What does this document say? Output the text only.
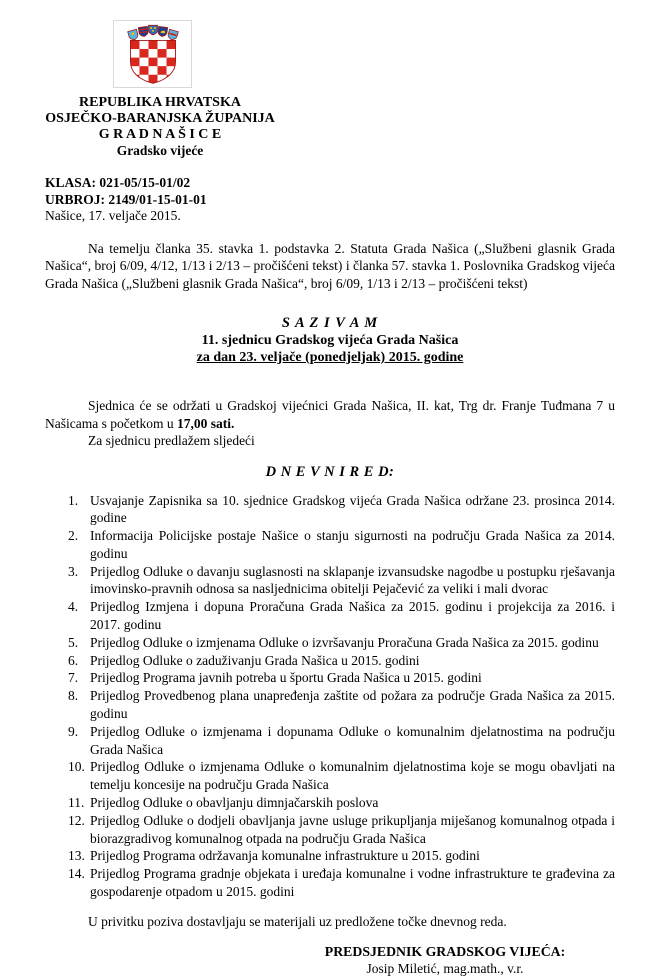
REPUBLIKA HRVATSKA
OSJEČKO-BARANJSKA ŽUPANIJA
G R A D N A Š I C E
Gradsko vijeće
KLASA: 021-05/15-01/02
URBROJ: 2149/01-15-01-01
Našice, 17. veljače 2015.

Na temelju članka 35. stavka 1. podstavka 2. Statuta Grada Našica („Službeni glasnik Grada Našica“, broj 6/09, 4/12, 1/13 i 2/13 – pročišćeni tekst) i članka 57. stavka 1. Poslovnika Gradskog vijeća Grada Našica („Službeni glasnik Grada Našica“, broj 6/09, 1/13 i 2/13 – pročišćeni tekst)

S A Z I V A M
11. sjednicu Gradskog vijeća Grada Našica
za dan 23. veljače (ponedjeljak) 2015. godine

Sjednica će se održati u Gradskoj vijećnici Grada Našica, II. kat, Trg dr. Franje Tuđmana 7 u Našicama s početkom u 17,00 sati.

Za sjednicu predlažem sljedeći

D N E V N I R E D:
1. Usvajanje Zapisnika sa 10. sjednice Gradskog vijeća Grada Našica održane 23. prosinca 2014. godine
2. Informacija Policijske postaje Našice o stanju sigurnosti na području Grada Našica za 2014. godinu
3. Prijedlog Odluke o davanju suglasnosti na sklapanje izvansudske nagodbe u postupku rješavanja imovinsko-pravnih odnosa sa nasljednicima obitelji Pejačević za veliki i mali dvorac
4. Prijedlog Izmjena i dopuna Proračuna Grada Našica za 2015. godinu i projekcija za 2016. i 2017. godinu
5. Prijedlog Odluke o izmjenama Odluke o izvršavanju Proračuna Grada Našica za 2015. godinu
6. Prijedlog Odluke o zaduživanju Grada Našica u 2015. godini
7. Prijedlog Programa javnih potreba u športu Grada Našica u 2015. godini
8. Prijedlog Provedbenog plana unapređenja zaštite od požara za područje Grada Našica za 2015. godinu
9. Prijedlog Odluke o izmjenama i dopunama Odluke o komunalnim djelatnostima na području Grada Našica
10. Prijedlog Odluke o izmjenama Odluke o komunalnim djelatnostima koje se mogu obavljati na temelju koncesije na području Grada Našica
11. Prijedlog Odluke o obavljanju dimnjačarskih poslova
12. Prijedlog Odluke o dodjeli obavljanja javne usluge prikupljanja miješanog komunalnog otpada i biorazgradivog komunalnog otpada na području Grada Našica
13. Prijedlog Programa održavanja komunalne infrastrukture u 2015. godini
14. Prijedlog Programa gradnje objekata i uređaja komunalne i vodne infrastrukture te građevina za gospodarenje otpadom u 2015. godini

U privitku poziva dostavljaju se materijali uz predložene točke dnevnog reda.

PREDSJEDNIK GRADSKOG VIJEĆA:
Josip Miletić, mag.math., v.r.
